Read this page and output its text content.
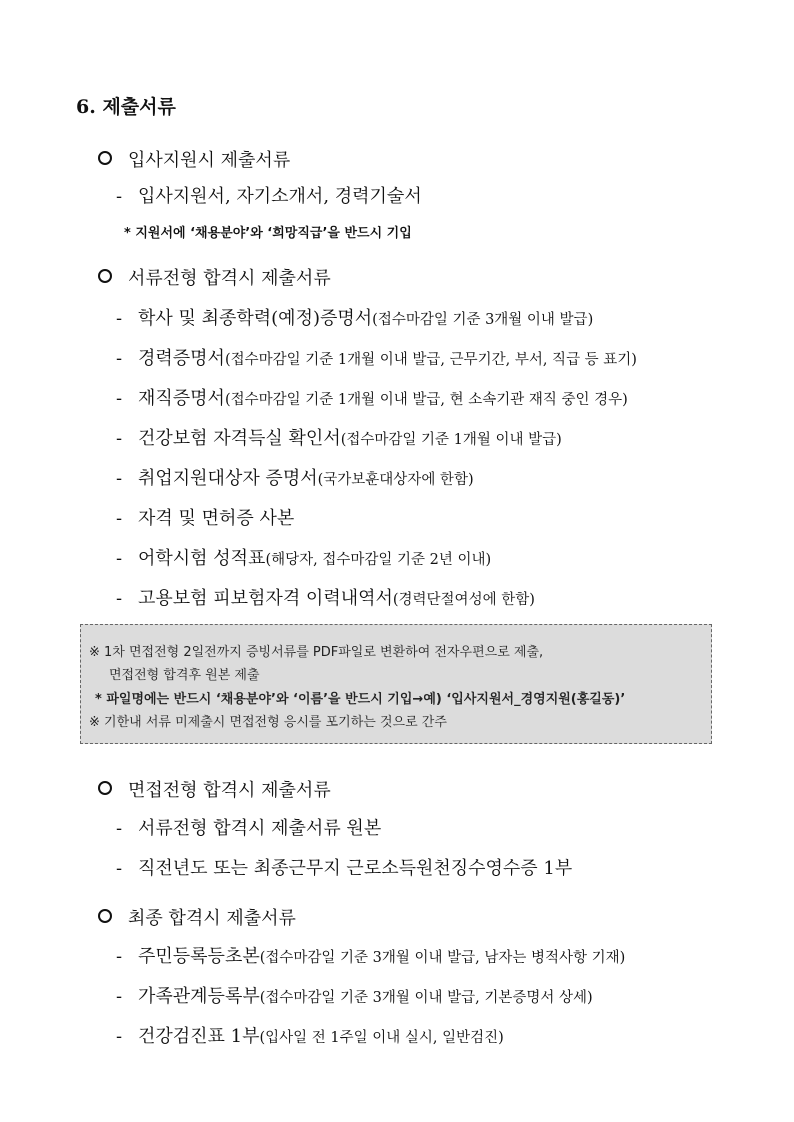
6. 제출서류
입사지원시 제출서류
- 입사지원서, 자기소개서, 경력기술서
* 지원서에 ‘채용분야’와 ‘희망직급’을 반드시 기입
서류전형 합격시 제출서류
- 학사 및 최종학력(예정)증명서(접수마감일 기준 3개월 이내 발급)
- 경력증명서(접수마감일 기준 1개월 이내 발급, 근무기간, 부서, 직급 등 표기)
- 재직증명서(접수마감일 기준 1개월 이내 발급, 현 소속기관 재직 중인 경우)
- 건강보험 자격득실 확인서(접수마감일 기준 1개월 이내 발급)
- 취업지원대상자 증명서(국가보훈대상자에 한함)
- 자격 및 면허증 사본
- 어학시험 성적표(해당자, 접수마감일 기준 2년 이내)
- 고용보험 피보험자격 이력내역서(경력단절여성에 한함)
※ 1차 면접전형 2일전까지 증빙서류를 PDF파일로 변환하여 전자우편으로 제출,
면접전형 합격후 원본 제출
* 파일명에는 반드시 ‘채용분야’와 ‘이름’을 반드시 기입→예) ‘입사지원서_경영지원(홍길동)’
※ 기한내 서류 미제출시 면접전형 응시를 포기하는 것으로 간주
면접전형 합격시 제출서류
- 서류전형 합격시 제출서류 원본
- 직전년도 또는 최종근무지 근로소득원천징수영수증 1부
최종 합격시 제출서류
- 주민등록등초본(접수마감일 기준 3개월 이내 발급, 남자는 병적사항 기재)
- 가족관계등록부(접수마감일 기준 3개월 이내 발급, 기본증명서 상세)
- 건강검진표 1부(입사일 전 1주일 이내 실시, 일반검진)
